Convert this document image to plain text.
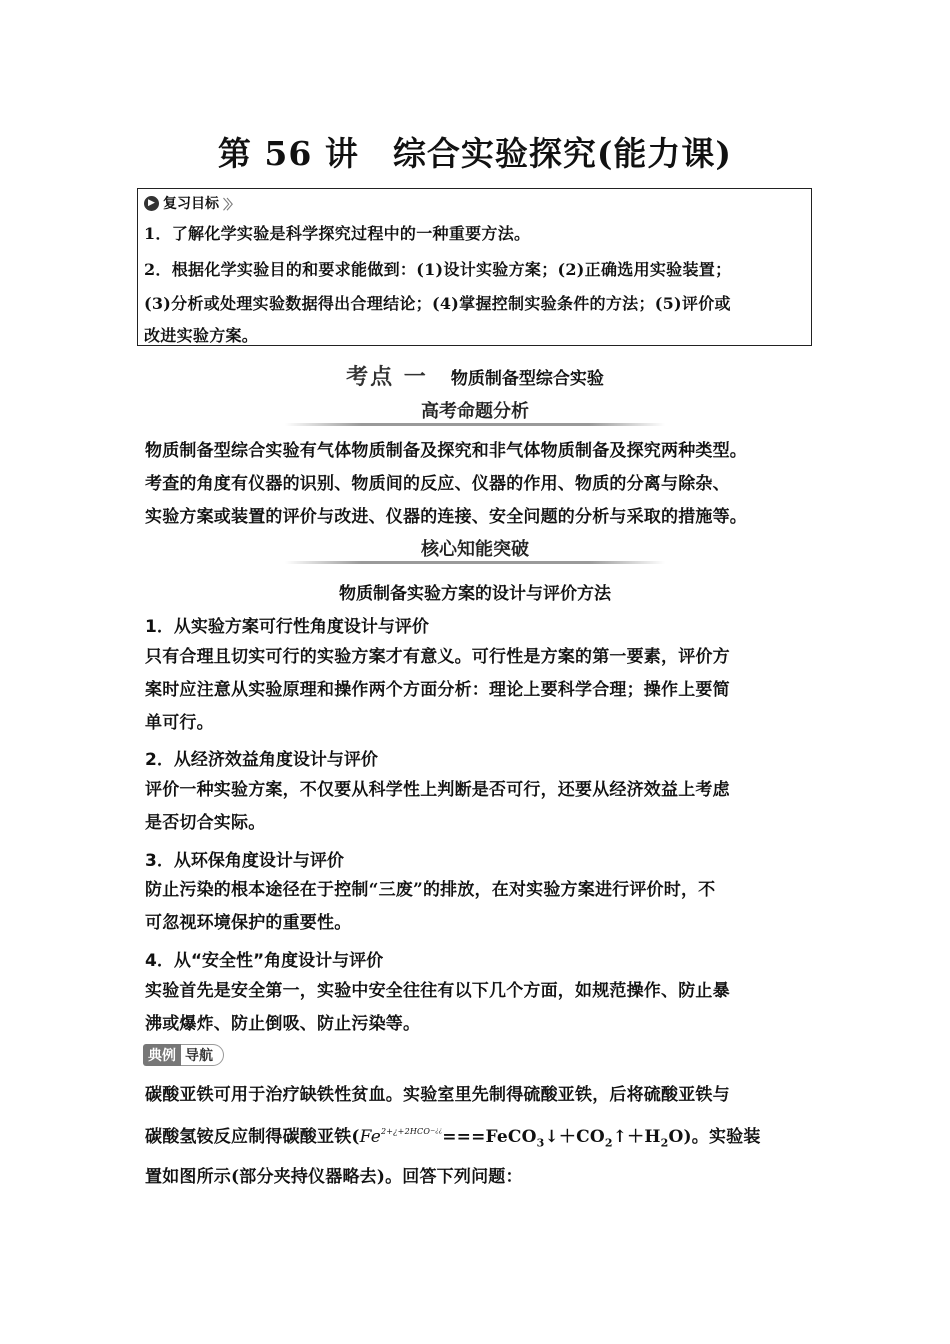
第 56 讲　综合实验探究(能力课)
▶ 复习目标 〉〉
1．了解化学实验是科学探究过程中的一种重要方法。
2．根据化学实验目的和要求能做到：(1)设计实验方案；(2)正确选用实验装置；
(3)分析或处理实验数据得出合理结论；(4)掌握控制实验条件的方法；(5)评价或
改进实验方案。
考点 一 物质制备型综合实验
高考命题分析
物质制备型综合实验有气体物质制备及探究和非气体物质制备及探究两种类型。
考查的角度有仪器的识别、物质间的反应、仪器的作用、物质的分离与除杂、
实验方案或装置的评价与改进、仪器的连接、安全问题的分析与采取的措施等。
核心知能突破
物质制备实验方案的设计与评价方法
1．从实验方案可行性角度设计与评价
只有合理且切实可行的实验方案才有意义。可行性是方案的第一要素，评价方
案时应注意从实验原理和操作两个方面分析：理论上要科学合理；操作上要简
单可行。
2．从经济效益角度设计与评价
评价一种实验方案，不仅要从科学性上判断是否可行，还要从经济效益上考虑
是否切合实际。
3．从环保角度设计与评价
防止污染的根本途径在于控制“三废”的排放，在对实验方案进行评价时，不
可忽视环境保护的重要性。
4．从“安全性”角度设计与评价
实验首先是安全第一，实验中安全往往有以下几个方面，如规范操作、防止暴
沸或爆炸、防止倒吸、防止污染等。
典例 导航
碳酸亚铁可用于治疗缺铁性贫血。实验室里先制得硫酸亚铁，后将硫酸亚铁与
碳酸氢铵反应制得碳酸亚铁$(Fe^{2+¿+2HCO-¿¿}===FeCO_3↓+CO_2↑+H_2O)$。实验装
置如图所示(部分夹持仪器略去)。回答下列问题：
